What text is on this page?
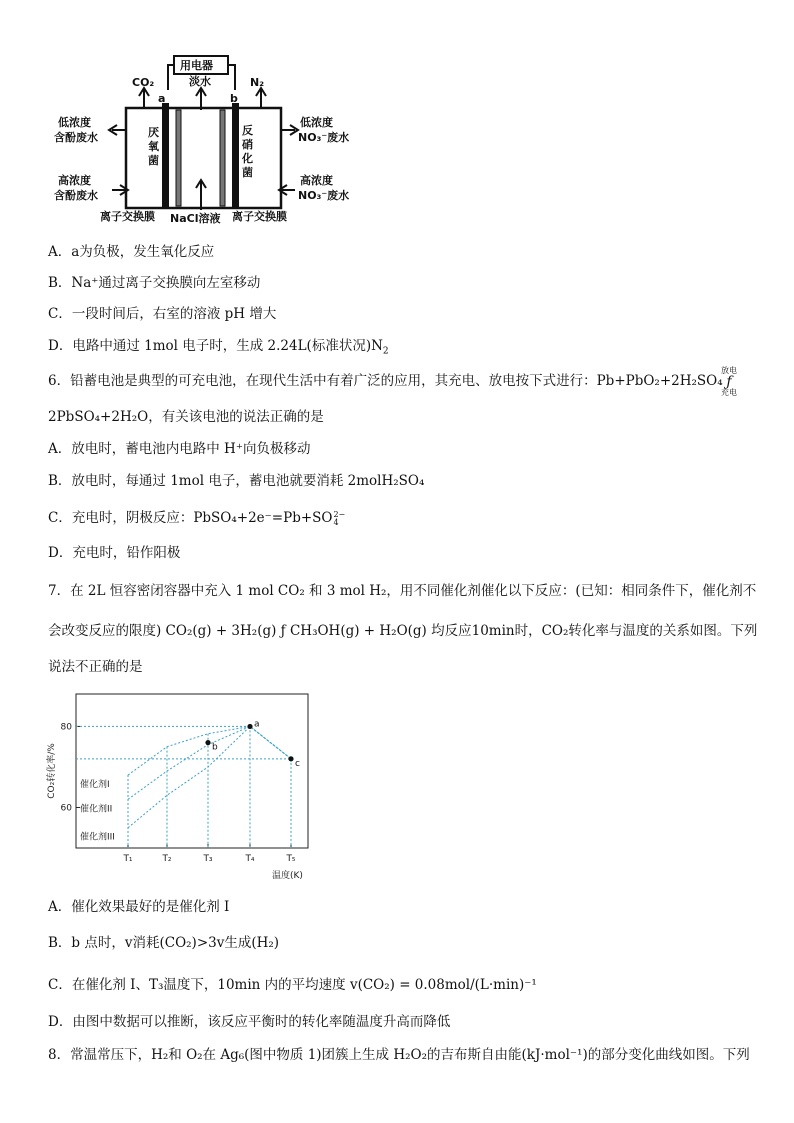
用电器
CO₂	淡水
a	b
N₂
厌
氧
菌
反
硝
化
菌
低浓度
含酚废水
高浓度
含酚废水
低浓度
NO₃⁻废水
高浓度
NO₃⁻废水
离子交换膜 NaCl溶液 离子交换膜
A．a为负极，发生氧化反应
B．Na⁺通过离子交换膜向左室移动
C．一段时间后，右室的溶液 pH 增大
D．电路中通过 1mol 电子时，生成 2.24L(标准状况)$N_2$
6．铅蓄电池是典型的可充电池，在现代生活中有着广泛的应用，其充电、放电按下式进行：Pb+PbO₂+2H₂SO₄
放电
ƒ
充电
2PbSO₄+2H₂O，有关该电池的说法正确的是
A．放电时，蓄电池内电路中 H⁺向负极移动
B．放电时，每通过 1mol 电子，蓄电池就要消耗 2molH₂SO₄
C．充电时，阴极反应：PbSO₄+2e⁻=Pb+SO 2−
4
D．充电时，铅作阳极
7．在 2L 恒容密闭容器中充入 1 mol CO₂ 和 3 mol H₂，用不同催化剂催化以下反应：(已知：相同条件下，催化剂不
会改变反应的限度) CO₂(g) + 3H₂(g) ƒ CH₃OH(g) + H₂O(g) 均反应10min时，CO₂转化率与温度的关系如图。下列
说法不正确的是
60
80
T₁	T₂	T₃	T₄	T₅
CO₂转化率/%
温度(K)
催化剂I
催化剂II
催化剂III
a
b
c
A．催化效果最好的是催化剂 I
B．b 点时，v消耗(CO₂)>3v生成(H₂)
C．在催化剂 I、T₃温度下，10min 内的平均速度 v(CO₂) = 0.08mol/(L·min)⁻¹
D．由图中数据可以推断，该反应平衡时的转化率随温度升高而降低
8．常温常压下，H₂和 O₂在 Ag₆(图中物质 1)团簇上生成 H₂O₂的吉布斯自由能(kJ·mol⁻¹)的部分变化曲线如图。下列
